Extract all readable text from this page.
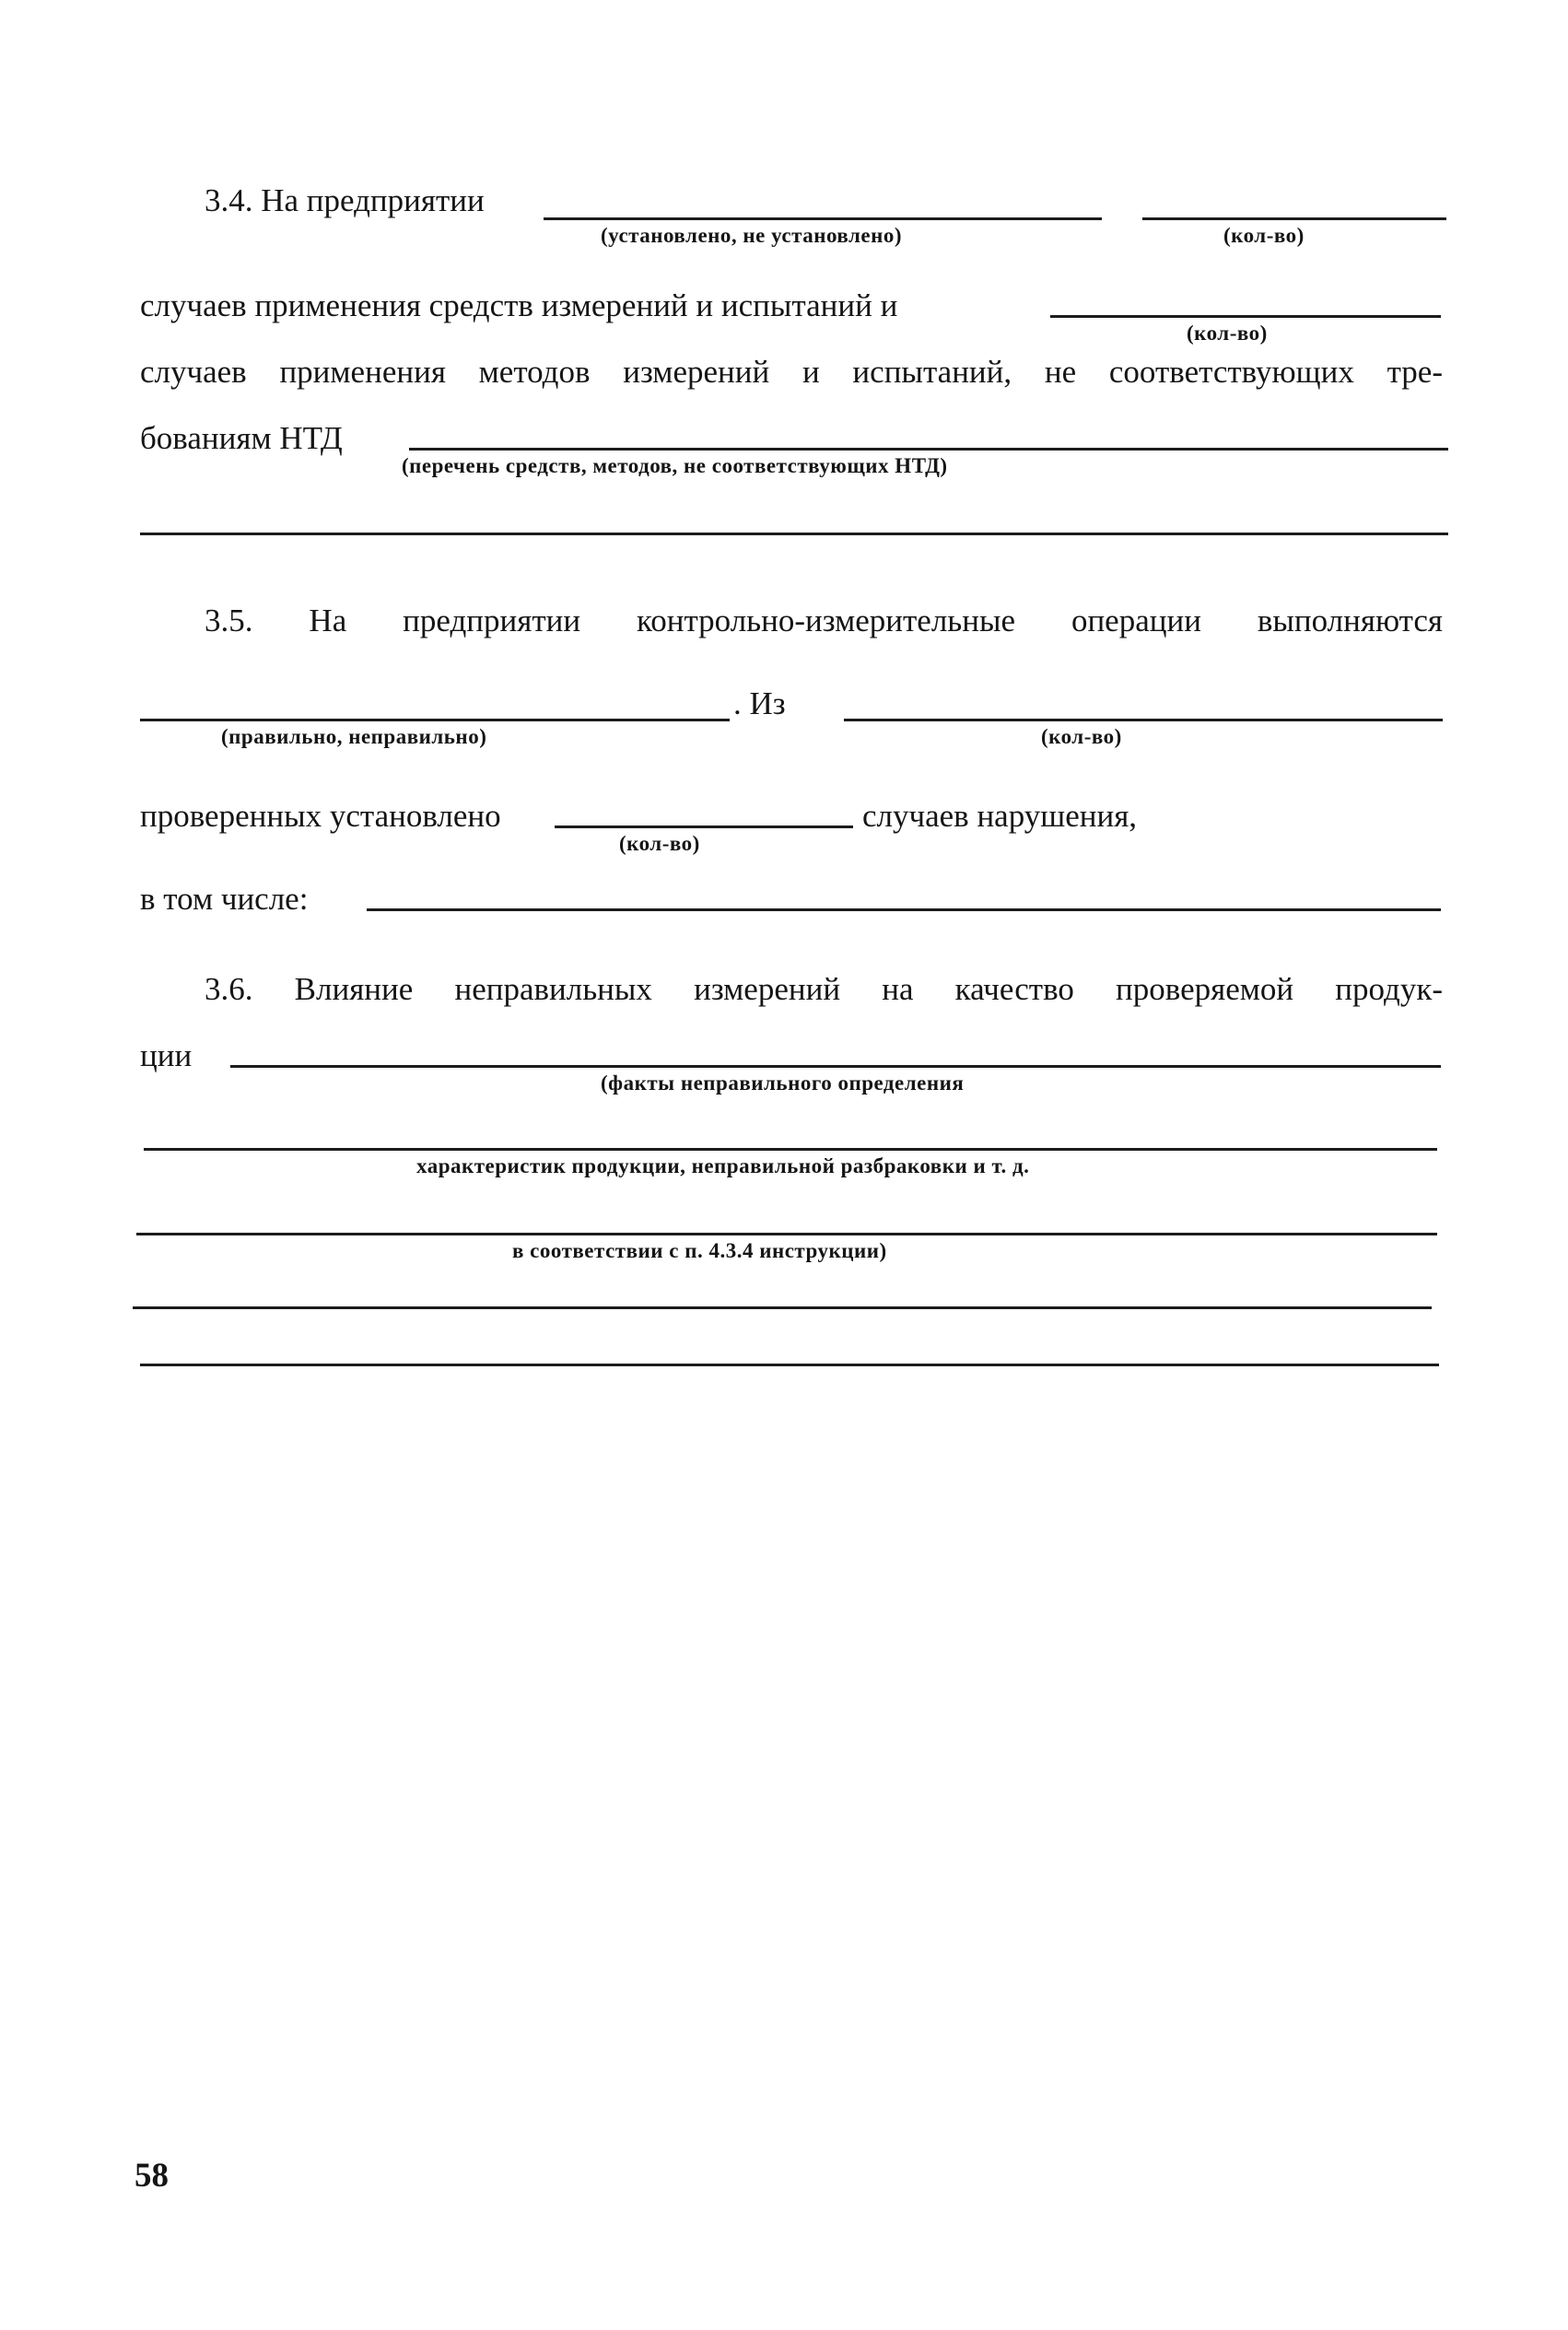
3.4. На предприятии
(установлено, не установлено)	(кол-во)
случаев применения средств измерений и испытаний и
(кол-во)
случаев применения методов измерений и испытаний, не соответствующих тре-
бованиям НТД
(перечень средств, методов, не соответствующих НТД)
3.5. На предприятии контрольно-измерительные операции выполняются
. Из
(правильно, неправильно)	(кол-во)
проверенных установлено	случаев нарушения,
(кол-во)
в том числе:
3.6. Влияние неправильных измерений на качество проверяемой продук-
ции
(факты неправильного определения
характеристик продукции, неправильной разбраковки и т. д.
в соответствии с п. 4.3.4 инструкции)
58
